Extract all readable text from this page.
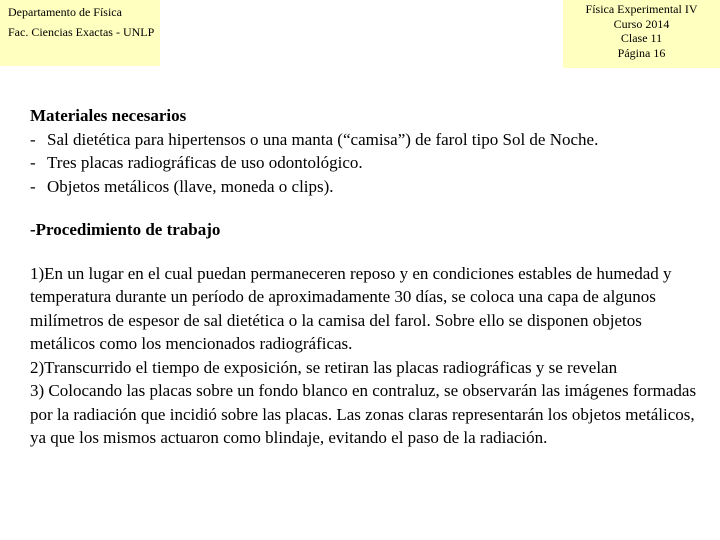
Departamento de Física
Fac. Ciencias Exactas - UNLP
Física Experimental IV
Curso 2014
Clase 11
Página 16
Materiales necesarios
- Sal dietética para hipertensos o una manta (“camisa”) de farol tipo Sol de Noche.
- Tres placas radiográficas de uso odontológico.
- Objetos metálicos (llave, moneda o clips).
-Procedimiento de trabajo

1)En un lugar en el cual puedan permaneceren reposo y en condiciones estables de humedad y temperatura durante un período de aproximadamente 30 días, se coloca una capa de algunos milímetros de espesor de sal dietética o la camisa del farol. Sobre ello se disponen objetos metálicos como los mencionados radiográficas.

2)Transcurrido el tiempo de exposición, se retiran las placas radiográficas y se revelan

3) Colocando las placas sobre un fondo blanco en contraluz, se observarán las imágenes formadas por la radiación que incidió sobre las placas. Las zonas claras representarán los objetos metálicos, ya que los mismos actuaron como blindaje, evitando el paso de la radiación.
